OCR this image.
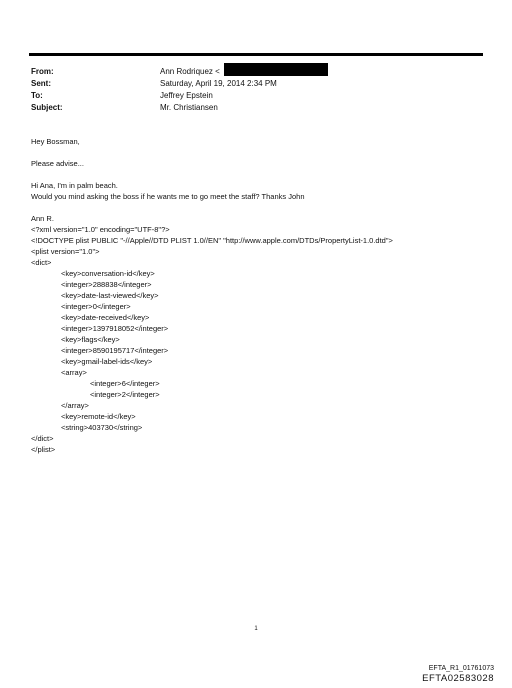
From:	Ann Rodriquez <
Sent:	Saturday, April 19, 2014 2:34 PM
To:	Jeffrey Epstein
Subject:	Mr. Christiansen
Hey Bossman,
Please advise...
Hi Ana, I'm in palm beach.
Would you mind asking the boss if he wants me to go meet the staff? Thanks John
Ann R.
<?xml version="1.0" encoding="UTF-8"?>
<!DOCTYPE plist PUBLIC "-//Apple//DTD PLIST 1.0//EN" "http://www.apple.com/DTDs/PropertyList-1.0.dtd">
<plist version="1.0">
<dict>
<key>conversation-id</key>
<integer>288838</integer>
<key>date-last-viewed</key>
<integer>0</integer>
<key>date-received</key>
<integer>1397918052</integer>
<key>flags</key>
<integer>8590195717</integer>
<key>gmail-label-ids</key>
<array>
<integer>6</integer>
<integer>2</integer>
</array>
<key>remote-id</key>
<string>403730</string>
</dict>
</plist>
1
EFTA_R1_01761073
EFTA02583028
